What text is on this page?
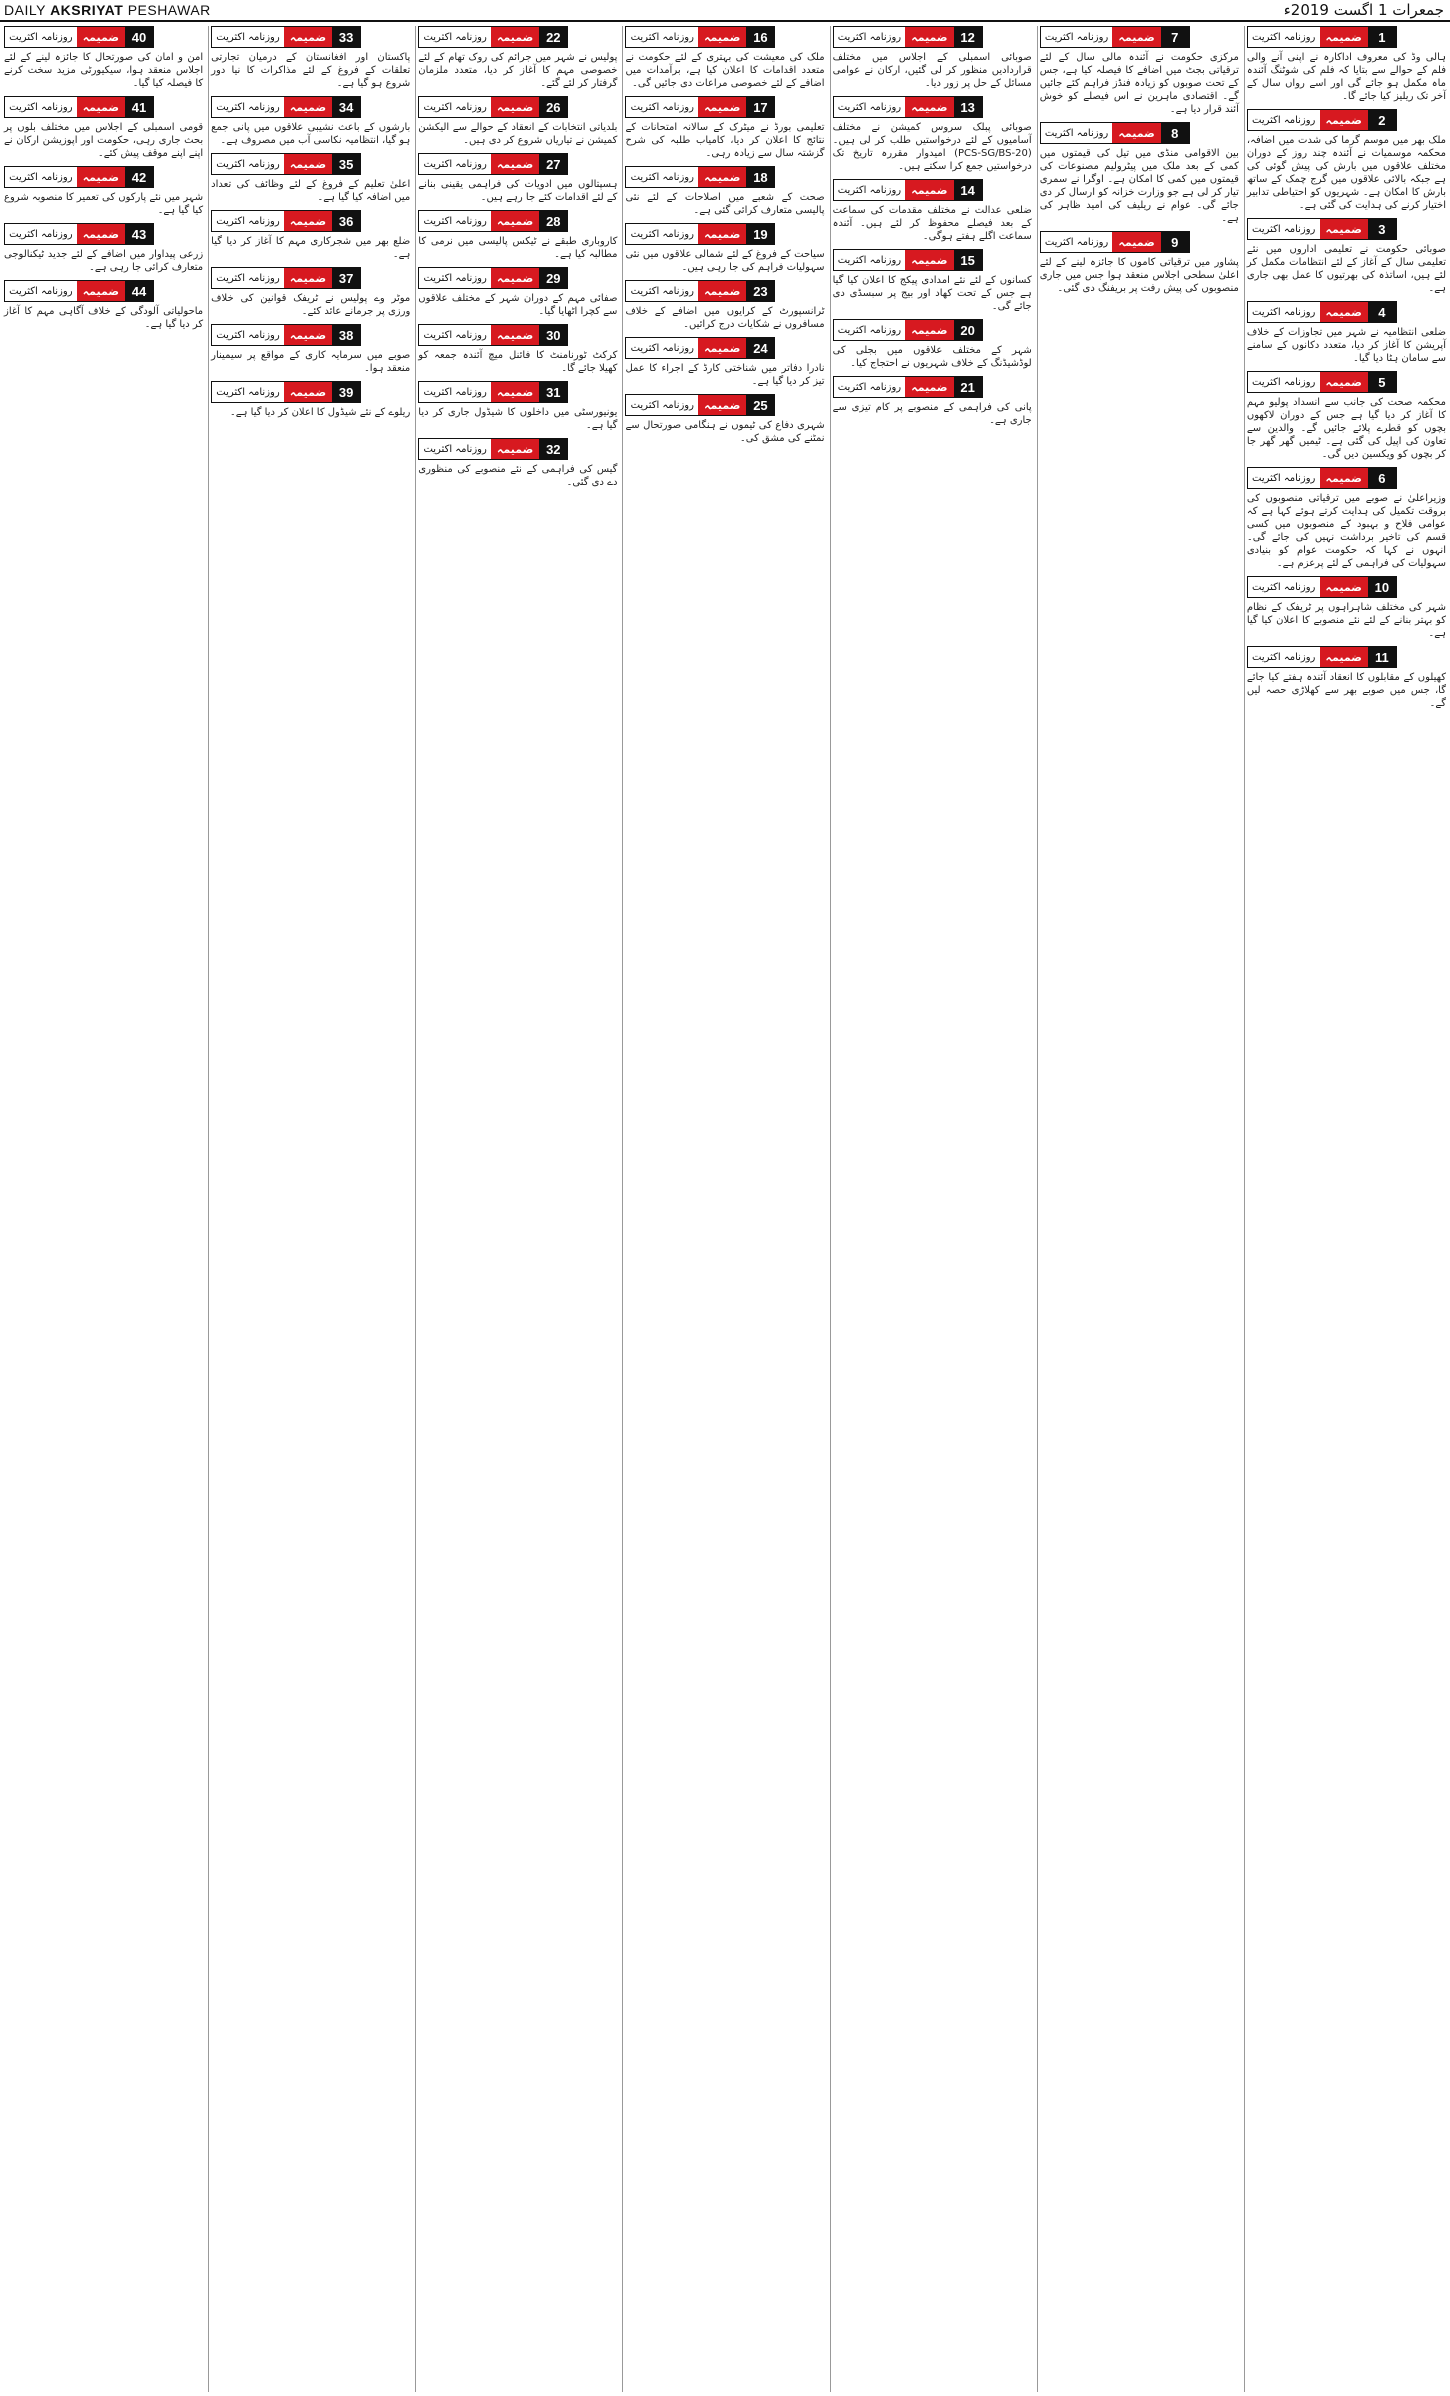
DAILY AKSRIYAT PESHAWAR	جمعرات 1 اگست 2019ء
1
ضمیمہ
روزنامہ اکثریت
ہالی وڈ کی معروف اداکارہ نے اپنی آنے والی فلم کے حوالے سے بتایا کہ فلم کی شوٹنگ آئندہ ماہ مکمل ہو جائے گی اور اسے رواں سال کے آخر تک ریلیز کیا جائے گا۔
2
ضمیمہ
روزنامہ اکثریت
ملک بھر میں موسم گرما کی شدت میں اضافہ، محکمہ موسمیات نے آئندہ چند روز کے دوران مختلف علاقوں میں بارش کی پیش گوئی کی ہے جبکہ بالائی علاقوں میں گرج چمک کے ساتھ بارش کا امکان ہے۔ شہریوں کو احتیاطی تدابیر اختیار کرنے کی ہدایت کی گئی ہے۔
3
ضمیمہ
روزنامہ اکثریت
صوبائی حکومت نے تعلیمی اداروں میں نئے تعلیمی سال کے آغاز کے لئے انتظامات مکمل کر لئے ہیں، اساتذہ کی بھرتیوں کا عمل بھی جاری ہے۔
4
ضمیمہ
روزنامہ اکثریت
ضلعی انتظامیہ نے شہر میں تجاوزات کے خلاف آپریشن کا آغاز کر دیا، متعدد دکانوں کے سامنے سے سامان ہٹا دیا گیا۔
5
ضمیمہ
روزنامہ اکثریت
محکمہ صحت کی جانب سے انسداد پولیو مہم کا آغاز کر دیا گیا ہے جس کے دوران لاکھوں بچوں کو قطرے پلائے جائیں گے۔ والدین سے تعاون کی اپیل کی گئی ہے۔ ٹیمیں گھر گھر جا کر بچوں کو ویکسین دیں گی۔
6
ضمیمہ
روزنامہ اکثریت
وزیراعلیٰ نے صوبے میں ترقیاتی منصوبوں کی بروقت تکمیل کی ہدایت کرتے ہوئے کہا ہے کہ عوامی فلاح و بہبود کے منصوبوں میں کسی قسم کی تاخیر برداشت نہیں کی جائے گی۔ انہوں نے کہا کہ حکومت عوام کو بنیادی سہولیات کی فراہمی کے لئے پرعزم ہے۔
10
ضمیمہ
روزنامہ اکثریت
شہر کی مختلف شاہراہوں پر ٹریفک کے نظام کو بہتر بنانے کے لئے نئے منصوبے کا اعلان کیا گیا ہے۔
11
ضمیمہ
روزنامہ اکثریت
کھیلوں کے مقابلوں کا انعقاد آئندہ ہفتے کیا جائے گا، جس میں صوبے بھر سے کھلاڑی حصہ لیں گے۔
7
ضمیمہ
روزنامہ اکثریت
مرکزی حکومت نے آئندہ مالی سال کے لئے ترقیاتی بجٹ میں اضافے کا فیصلہ کیا ہے، جس کے تحت صوبوں کو زیادہ فنڈز فراہم کئے جائیں گے۔ اقتصادی ماہرین نے اس فیصلے کو خوش آئند قرار دیا ہے۔
8
ضمیمہ
روزنامہ اکثریت
بین الاقوامی منڈی میں تیل کی قیمتوں میں کمی کے بعد ملک میں پیٹرولیم مصنوعات کی قیمتوں میں کمی کا امکان ہے۔ اوگرا نے سمری تیار کر لی ہے جو وزارت خزانہ کو ارسال کر دی جائے گی۔ عوام نے ریلیف کی امید ظاہر کی ہے۔
9
ضمیمہ
روزنامہ اکثریت
پشاور میں ترقیاتی کاموں کا جائزہ لینے کے لئے اعلیٰ سطحی اجلاس منعقد ہوا جس میں جاری منصوبوں کی پیش رفت پر بریفنگ دی گئی۔
12
ضمیمہ
روزنامہ اکثریت
صوبائی اسمبلی کے اجلاس میں مختلف قراردادیں منظور کر لی گئیں، ارکان نے عوامی مسائل کے حل پر زور دیا۔
13
ضمیمہ
روزنامہ اکثریت
صوبائی پبلک سروس کمیشن نے مختلف آسامیوں کے لئے درخواستیں طلب کر لی ہیں۔ (PCS-SG/BS-20) امیدوار مقررہ تاریخ تک درخواستیں جمع کرا سکتے ہیں۔
14
ضمیمہ
روزنامہ اکثریت
ضلعی عدالت نے مختلف مقدمات کی سماعت کے بعد فیصلے محفوظ کر لئے ہیں۔ آئندہ سماعت اگلے ہفتے ہوگی۔
15
ضمیمہ
روزنامہ اکثریت
کسانوں کے لئے نئے امدادی پیکج کا اعلان کیا گیا ہے جس کے تحت کھاد اور بیج پر سبسڈی دی جائے گی۔
20
ضمیمہ
روزنامہ اکثریت
شہر کے مختلف علاقوں میں بجلی کی لوڈشیڈنگ کے خلاف شہریوں نے احتجاج کیا۔
21
ضمیمہ
روزنامہ اکثریت
پانی کی فراہمی کے منصوبے پر کام تیزی سے جاری ہے۔
16
ضمیمہ
روزنامہ اکثریت
ملک کی معیشت کی بہتری کے لئے حکومت نے متعدد اقدامات کا اعلان کیا ہے، برآمدات میں اضافے کے لئے خصوصی مراعات دی جائیں گی۔
17
ضمیمہ
روزنامہ اکثریت
تعلیمی بورڈ نے میٹرک کے سالانہ امتحانات کے نتائج کا اعلان کر دیا، کامیاب طلبہ کی شرح گزشتہ سال سے زیادہ رہی۔
18
ضمیمہ
روزنامہ اکثریت
صحت کے شعبے میں اصلاحات کے لئے نئی پالیسی متعارف کرائی گئی ہے۔
19
ضمیمہ
روزنامہ اکثریت
سیاحت کے فروغ کے لئے شمالی علاقوں میں نئی سہولیات فراہم کی جا رہی ہیں۔
23
ضمیمہ
روزنامہ اکثریت
ٹرانسپورٹ کے کرایوں میں اضافے کے خلاف مسافروں نے شکایات درج کرائیں۔
24
ضمیمہ
روزنامہ اکثریت
نادرا دفاتر میں شناختی کارڈ کے اجراء کا عمل تیز کر دیا گیا ہے۔
25
ضمیمہ
روزنامہ اکثریت
شہری دفاع کی ٹیموں نے ہنگامی صورتحال سے نمٹنے کی مشق کی۔
22
ضمیمہ
روزنامہ اکثریت
پولیس نے شہر میں جرائم کی روک تھام کے لئے خصوصی مہم کا آغاز کر دیا، متعدد ملزمان گرفتار کر لئے گئے۔
26
ضمیمہ
روزنامہ اکثریت
بلدیاتی انتخابات کے انعقاد کے حوالے سے الیکشن کمیشن نے تیاریاں شروع کر دی ہیں۔
27
ضمیمہ
روزنامہ اکثریت
ہسپتالوں میں ادویات کی فراہمی یقینی بنانے کے لئے اقدامات کئے جا رہے ہیں۔
28
ضمیمہ
روزنامہ اکثریت
کاروباری طبقے نے ٹیکس پالیسی میں نرمی کا مطالبہ کیا ہے۔
29
ضمیمہ
روزنامہ اکثریت
صفائی مہم کے دوران شہر کے مختلف علاقوں سے کچرا اٹھایا گیا۔
30
ضمیمہ
روزنامہ اکثریت
کرکٹ ٹورنامنٹ کا فائنل میچ آئندہ جمعہ کو کھیلا جائے گا۔
31
ضمیمہ
روزنامہ اکثریت
یونیورسٹی میں داخلوں کا شیڈول جاری کر دیا گیا ہے۔
32
ضمیمہ
روزنامہ اکثریت
گیس کی فراہمی کے نئے منصوبے کی منظوری دے دی گئی۔
33
ضمیمہ
روزنامہ اکثریت
پاکستان اور افغانستان کے درمیان تجارتی تعلقات کے فروغ کے لئے مذاکرات کا نیا دور شروع ہو گیا ہے۔
34
ضمیمہ
روزنامہ اکثریت
بارشوں کے باعث نشیبی علاقوں میں پانی جمع ہو گیا، انتظامیہ نکاسی آب میں مصروف ہے۔
35
ضمیمہ
روزنامہ اکثریت
اعلیٰ تعلیم کے فروغ کے لئے وظائف کی تعداد میں اضافہ کیا گیا ہے۔
36
ضمیمہ
روزنامہ اکثریت
ضلع بھر میں شجرکاری مہم کا آغاز کر دیا گیا ہے۔
37
ضمیمہ
روزنامہ اکثریت
موٹر وے پولیس نے ٹریفک قوانین کی خلاف ورزی پر جرمانے عائد کئے۔
38
ضمیمہ
روزنامہ اکثریت
صوبے میں سرمایہ کاری کے مواقع پر سیمینار منعقد ہوا۔
39
ضمیمہ
روزنامہ اکثریت
ریلوے کے نئے شیڈول کا اعلان کر دیا گیا ہے۔
40
ضمیمہ
روزنامہ اکثریت
امن و امان کی صورتحال کا جائزہ لینے کے لئے اجلاس منعقد ہوا، سیکیورٹی مزید سخت کرنے کا فیصلہ کیا گیا۔
41
ضمیمہ
روزنامہ اکثریت
قومی اسمبلی کے اجلاس میں مختلف بلوں پر بحث جاری رہی، حکومت اور اپوزیشن ارکان نے اپنے اپنے موقف پیش کئے۔
42
ضمیمہ
روزنامہ اکثریت
شہر میں نئے پارکوں کی تعمیر کا منصوبہ شروع کیا گیا ہے۔
43
ضمیمہ
روزنامہ اکثریت
زرعی پیداوار میں اضافے کے لئے جدید ٹیکنالوجی متعارف کرائی جا رہی ہے۔
44
ضمیمہ
روزنامہ اکثریت
ماحولیاتی آلودگی کے خلاف آگاہی مہم کا آغاز کر دیا گیا ہے۔
